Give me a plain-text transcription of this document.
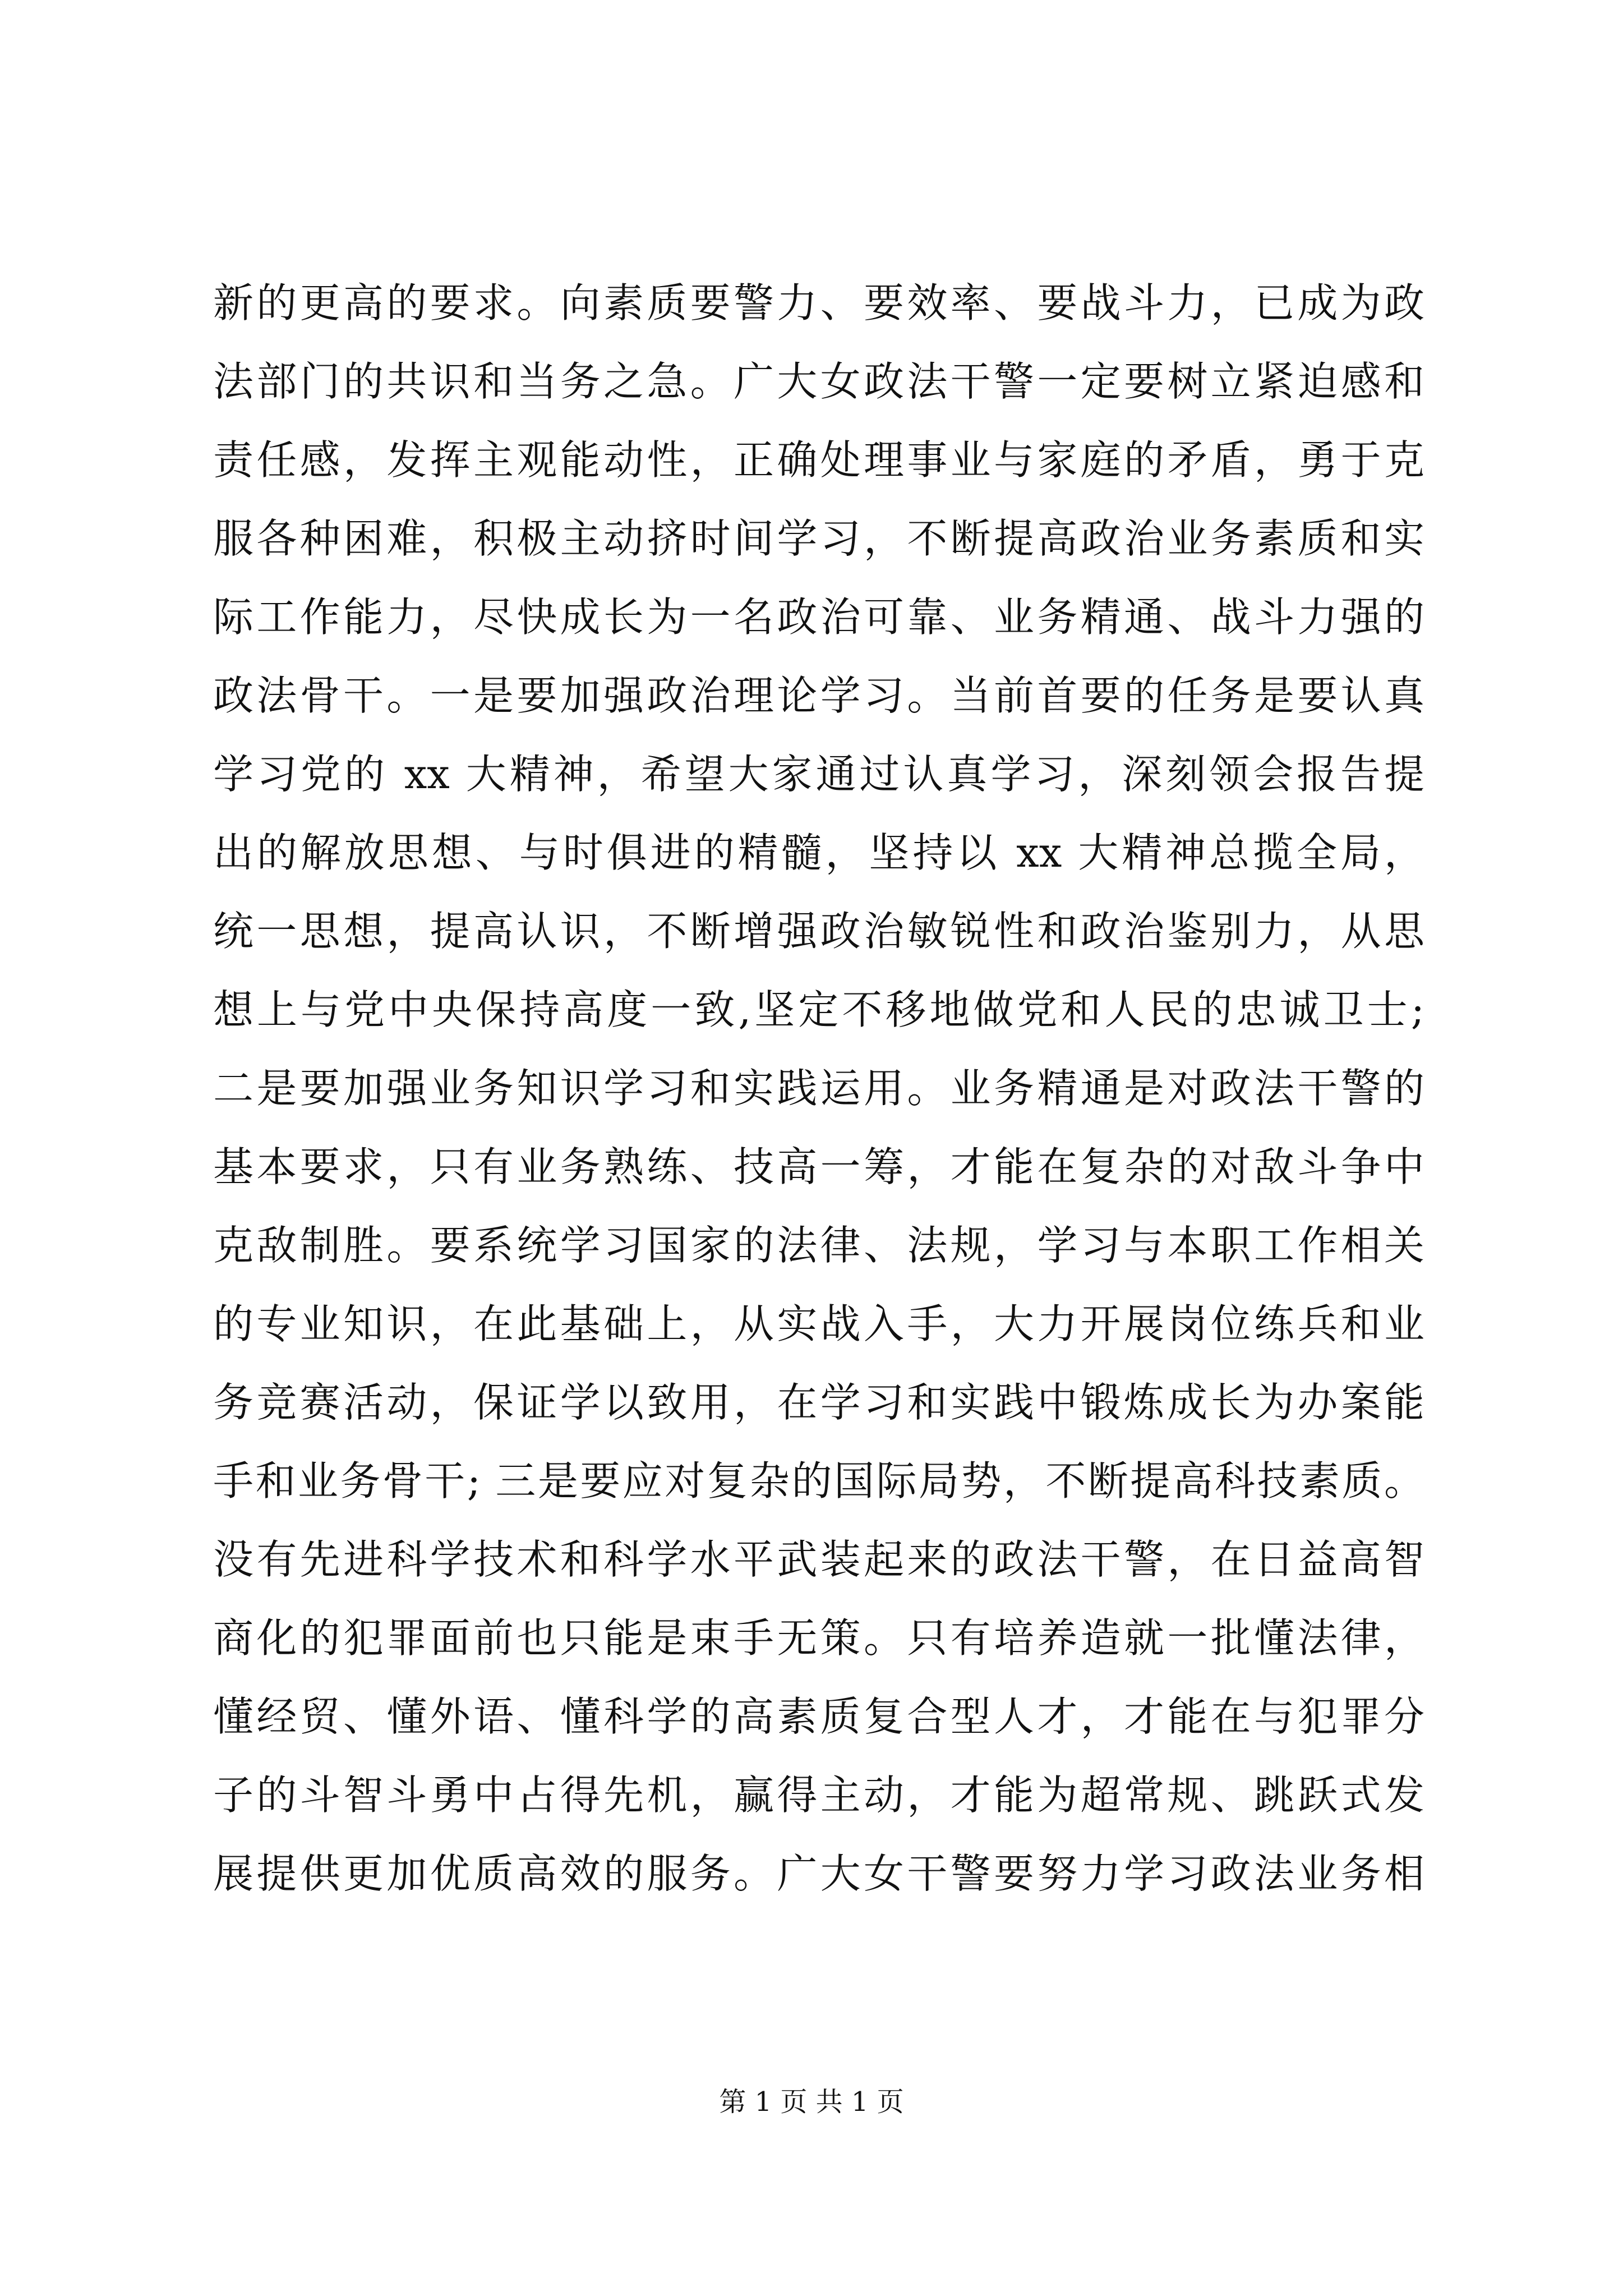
新的更高的要求。向素质要警力、要效率、要战斗力，已成为政
法部门的共识和当务之急。广大女政法干警一定要树立紧迫感和
责任感，发挥主观能动性，正确处理事业与家庭的矛盾，勇于克
服各种困难，积极主动挤时间学习，不断提高政治业务素质和实
际工作能力，尽快成长为一名政治可靠、业务精通、战斗力强的
政法骨干。一是要加强政治理论学习。当前首要的任务是要认真
学习党的 xx 大精神，希望大家通过认真学习，深刻领会报告提
出的解放思想、与时俱进的精髓，坚持以 xx 大精神总揽全局，
统一思想，提高认识，不断增强政治敏锐性和政治鉴别力，从思
想上与党中央保持高度一致,坚定不移地做党和人民的忠诚卫士;
二是要加强业务知识学习和实践运用。业务精通是对政法干警的
基本要求，只有业务熟练、技高一筹，才能在复杂的对敌斗争中
克敌制胜。要系统学习国家的法律、法规，学习与本职工作相关
的专业知识，在此基础上，从实战入手，大力开展岗位练兵和业
务竞赛活动，保证学以致用，在学习和实践中锻炼成长为办案能
手和业务骨干; 三是要应对复杂的国际局势，不断提高科技素质。
没有先进科学技术和科学水平武装起来的政法干警，在日益高智
商化的犯罪面前也只能是束手无策。只有培养造就一批懂法律，
懂经贸、懂外语、懂科学的高素质复合型人才，才能在与犯罪分
子的斗智斗勇中占得先机，赢得主动，才能为超常规、跳跃式发
展提供更加优质高效的服务。广大女干警要努力学习政法业务相
第 1 页 共 1 页
